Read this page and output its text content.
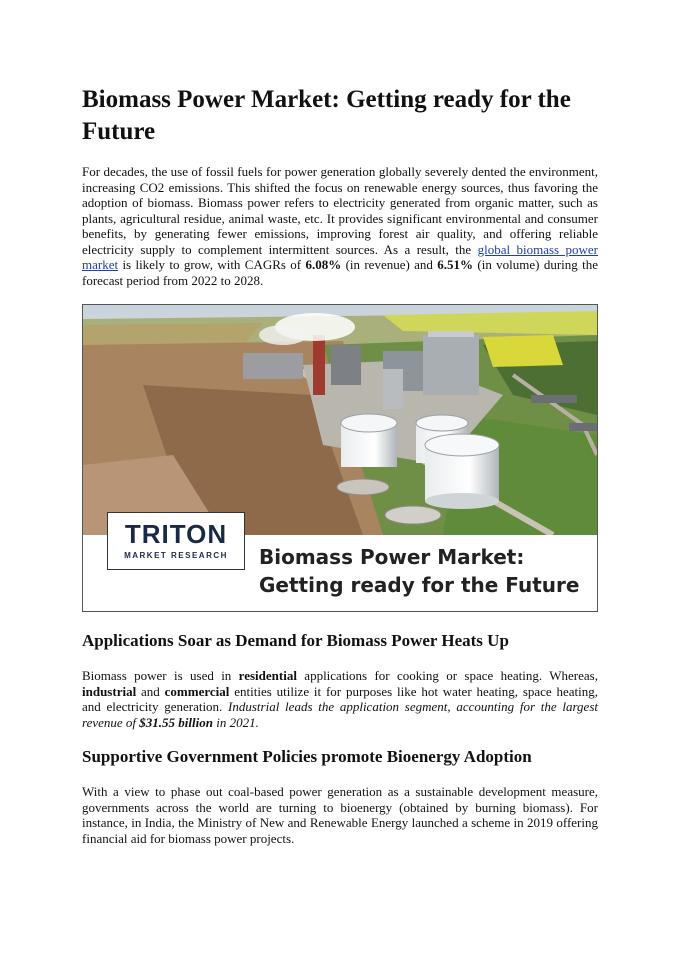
Biomass Power Market: Getting ready for the Future

For decades, the use of fossil fuels for power generation globally severely dented the environment, increasing CO2 emissions. This shifted the focus on renewable energy sources, thus favoring the adoption of biomass. Biomass power refers to electricity generated from organic matter, such as plants, agricultural residue, animal waste, etc. It provides significant environmental and consumer benefits, by generating fewer emissions, improving forest air quality, and offering reliable electricity supply to complement intermittent sources. As a result, the global biomass power market is likely to grow, with CAGRs of 6.08% (in revenue) and 6.51% (in volume) during the forecast period from 2022 to 2028.

TRITON
MARKET RESEARCH	Biomass Power Market:
Getting ready for the Future
Applications Soar as Demand for Biomass Power Heats Up

Biomass power is used in residential applications for cooking or space heating. Whereas, industrial and commercial entities utilize it for purposes like hot water heating, space heating, and electricity generation. Industrial leads the application segment, accounting for the largest revenue of $31.55 billion in 2021.

Supportive Government Policies promote Bioenergy Adoption

With a view to phase out coal-based power generation as a sustainable development measure, governments across the world are turning to bioenergy (obtained by burning biomass). For instance, in India, the Ministry of New and Renewable Energy launched a scheme in 2019 offering financial aid for biomass power projects.
